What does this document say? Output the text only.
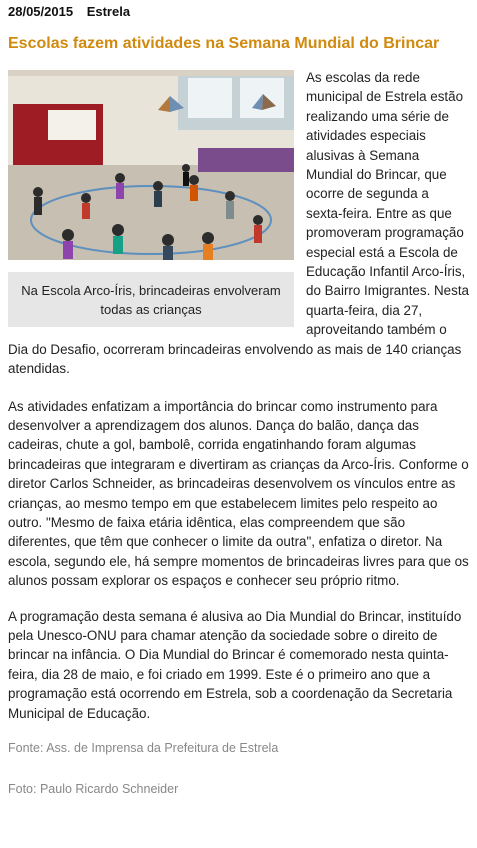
28/05/2015 Estrela
Escolas fazem atividades na Semana Mundial do Brincar
Na Escola Arco-Íris, brincadeiras envolveram todas as crianças

As escolas da rede municipal de Estrela estão realizando uma série de atividades especiais alusivas à Semana Mundial do Brincar, que ocorre de segunda a sexta-feira. Entre as que promoveram programação especial está a Escola de Educação Infantil Arco-Íris, do Bairro Imigrantes. Nesta quarta-feira, dia 27, aproveitando também o Dia do Desafio, ocorreram brincadeiras envolvendo as mais de 140 crianças atendidas.

As atividades enfatizam a importância do brincar como instrumento para desenvolver a aprendizagem dos alunos. Dança do balão, dança das cadeiras, chute a gol, bambolê, corrida engatinhando foram algumas brincadeiras que integraram e divertiram as crianças da Arco-Íris. Conforme o diretor Carlos Schneider, as brincadeiras desenvolvem os vínculos entre as crianças, ao mesmo tempo em que estabelecem limites pelo respeito ao outro. "Mesmo de faixa etária idêntica, elas compreendem que são diferentes, que têm que conhecer o limite da outra", enfatiza o diretor. Na escola, segundo ele, há sempre momentos de brincadeiras livres para que os alunos possam explorar os espaços e conhecer seu próprio ritmo.

A programação desta semana é alusiva ao Dia Mundial do Brincar, instituído pela Unesco-ONU para chamar atenção da sociedade sobre o direito de brincar na infância. O Dia Mundial do Brincar é comemorado nesta quinta-feira, dia 28 de maio, e foi criado em 1999. Este é o primeiro ano que a programação está ocorrendo em Estrela, sob a coordenação da Secretaria Municipal de Educação.

Fonte: Ass. de Imprensa da Prefeitura de Estrela
Foto: Paulo Ricardo Schneider
